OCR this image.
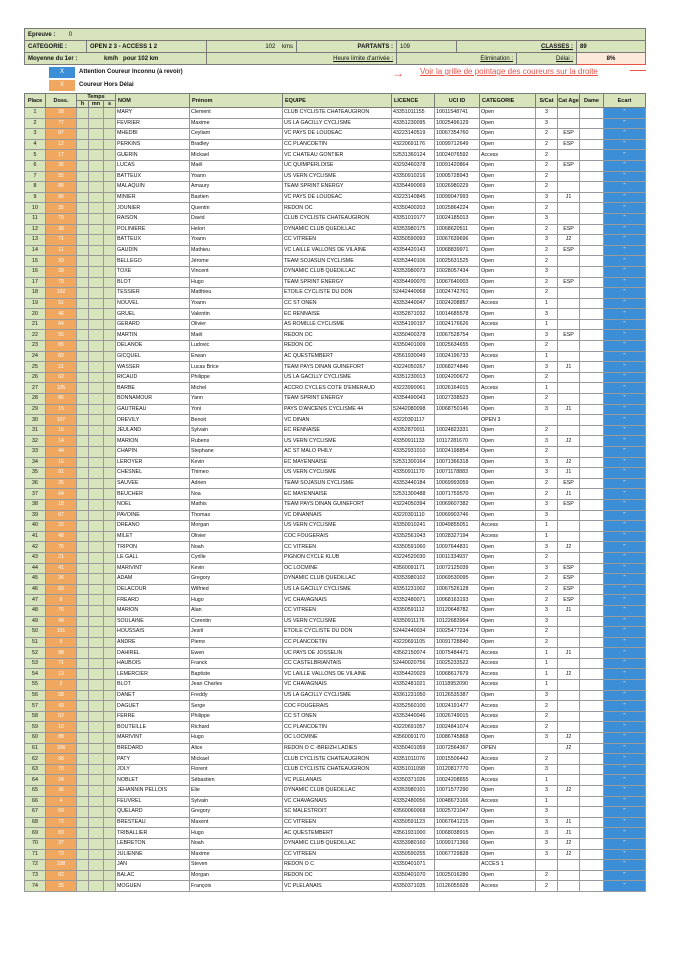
Epreuve : 0							
CATEGORIE :	OPEN 2 3 - ACCESS 1 2	102 kms	PARTANTS :	109	CLASSES :		89
Moyenne du 1er : km/h pour 102 km		Heure limite d'arrivée :		Elimination :		Délai :	8%
X	Attention Coureur Inconnu (à revoir)
X	Coureur Hors Délai
→ Voir la grille de pointage des coureurs sur la droite
Place	Doss.	Temps			NOM	Prénom	EQUIPE	LICENCE	UCI ID	CATEGORIE	S/Cat	Cat Age	Dame	Ecart
		h	mn	s										
1	58				MARY	Clement	CLUB CYCLISTE CHATEAUGIRON	43351011155	10011548741	Open	3			"
2	77				FEVRIER	Maxime	US LA GACILLY CYCLISME	43351230095	10025496129	Open	3			"
3	87				MHEDBI	Ceyliam	VC PAYS DE LOUDEAC	43223140519	10067354760	Open	2	ESP		"
4	12				PERKINS	Bradley	CC PLANCOETIN	43220691176	10099712649	Open	2	ESP		"
5	17				GUERIN	Mickael	VC CHATEAU GONTIER	52531360124	10024076592	Access	2			"
6	36				LUCAS	Maël	UC QUIMPERLOISE	43293460378	10091420864	Open	2	ESP		"
7	55				BATTEUX	Yoann	US VERN CYCLISME	43350910216	10005728943	Open	2			"
8	80				MALAQUIN	Amaury	TEAM SPRINT ENERGY	43354490069	10026980229	Open	2			"
9	86				MINIER	Bastien	VC PAYS DE LOUDEAC	43223140845	10099047993	Open	3	J1		"
10	35				JOUNIER	Quentin	REDON OC	43350400203	10025864224	Open	2			"
11	79				RAISON	David	CLUB CYCLISTE CHATEAUGIRON	43351010177	10024185013	Open	3			"
12	38				POLINIERE	Helori	DYNAMIC CLUB QUEDILLAC	43353980175	10068620511	Open	2	ESP		"
13	71				BATTEUX	Yoann	CC VITREEN	43350590093	10067639696	Open	3	J2		"
14	11				GAUDIN	Mathieu	VC LAILLE VALLONS DE VILAINE	43354420143	10068839971	Open	2	ESP		"
15	33				BELLEGO	Jérome	TEAM SOJASUN CYCLISME	43353440106	10025631525	Open	2			"
16	39				TOXE	Vincent	DYNAMIC CLUB QUEDILLAC	43353980073	10028057434	Open	3			"
17	79				BLOT	Hugo	TEAM SPRINT ENERGY	43354490070	10067640003	Open	2	ESP		"
18	102				TESSIER	Matthieu	ETOILE CYCLISTE DU DON	52442440068	10024742761	Open	2			"
19	51				NOUVEL	Yoann	CC ST ONEN	43353440047	10024208857	Access	1			"
20	46				GRUEL	Valentin	EC RENNAISE	43352871032	10014685578	Open	3			"
21	64				GERARD	Olivier	AS ROMILLE CYCLISME	43354190197	10024176626	Access	1			"
22	55				MARTIN	Maël	REDON OC	43350400378	10067528754	Open	3	ESP		"
23	65				DELANOE	Ludovic	REDON OC	43350401009	10025634655	Open	2			"
24	83				GICQUEL	Erwan	AC QUESTEMBERT	43561930049	10024196733	Access	1			"
25	21				WASSER	Lucas Brice	TEAM PAYS DINAN GUINEFORT	43224050267	10068274846	Open	3	J1		"
26	62				RICAUD	Philippe	US LA GACILLY CYCLISME	43351230013	10024200672	Open	2			"
27	105				BARBE	Michel	ACCRO CYCLES COTE D'EMERAUD	43223990061	10026164015	Access	1			"
28	80				BONNAMOUR	Yann	TEAM SPRINT ENERGY	43354490043	10027338523	Open	2			"
29	15				GAUTREAU	Yoni	PAYS D'ANCENIS CYCLISME 44	52442080098	10068750146	Open	3	J1		"
30	107				DREVILY	Benoit	VC DINAN	43220301117		OPEN 3				"
31	15				JEULAND	Sylvain	EC RENNAISE	43352870011	10024823331	Open	2			"
32	14				MARION	Rubens	US VERN CYCLISME	43350911133	10117281670	Open	3	J2		"
33	44				CHAPIN	Stephane	AC ST MALO PHILY	43352931010	10024198854	Open	2			"
34	16				LEROYER	Kevin	EC MAYENNAISE	52531300164	10071366318	Open	3	J2		"
35	91				CHESNEL	Thimeo	US VERN CYCLISME	43350911170	10071178883	Open	3	J1		"
36	25				SAUVEE	Adrien	TEAM SOJASUN CYCLISME	43353440184	10069993059	Open	2	ESP		"
37	64				BEUCHER	Noa	EC MAYENNAISE	52531300488	10071759570	Open	2	J1		"
38	18				NOEL	Mathis	TEAM PAYS DINAN GUINEFORT	43224050394	10069607382	Open	3	ESP		"
39	67				PAVOINE	Thomas	VC DINANNAIS	43220301110	10069903746	Open	3			"
40	22				DREANO	Morgan	US VERN CYCLISME	43350910241	10049855051	Access	1			"
41	48				MILET	Olivier	COC FOUGERAIS	43352561043	10028327194	Access	1			"
42	76				TRIPON	Noah	CC VITREEN	43350591060	10097644831	Open	3	J2		"
43	21				LE GALL	Cyrille	PIGNON CYCLE KLUB	43224520030	10011334937	Open	2			"
44	41				MARIVINT	Kevin	OC LOCMINE	43560091171	10072125039	Open	3	ESP		"
45	36				ADAM	Gregory	DYNAMIC CLUB QUEDILLAC	43353980102	10069530095	Open	2	ESP		"
46	83				DELACOUR	Wilfried	US LA GACILLY CYCLISME	43351231002	10067526128	Open	2	ESP		"
47	8				FREARD	Hugo	VC CHAVAGNAIS	43352480071	10068163193	Open	2	ESP		"
48	76				MARION	Alan	CC VITREEN	43350591112	10120648782	Open	3	J1		"
49	49				SOULAINE	Corentin	US VERN CYCLISME	43350911176	10122683964	Open	3			"
50	101				HOUSSAIS	Jesril	ETOILE CYCLISTE DU DON	52442440034	10025477234	Open	2			"
51	5				ANDRE	Pierre	CC PLANCOETIN	43220691105	10091728840	Open	2			"
52	88				DAHIREL	Ewen	UC PAYS DE JOSSELIN	43562150074	10075484471	Access	1	J1		"
53	71				HAUBOIS	Franck	CC CASTELBRIANTAIS	52440020756	10025233522	Access	1			"
54	13				LEMERCIER	Baptiste	VC LAILLE VALLONS DE VILAINE	43354420029	10068617679	Access	1	J2		"
55	2				BLOT	Jean Charles	VC CHAVAGNAIS	43352481021	10118952090	Access	1			"
56	58				DANET	Freddy	US LA GACILLY CYCLISME	43361231050	10126535387	Open	3			"
57	43				DAGUET	Serge	COC FOUGERAIS	43352560100	10024191477	Access	2			"
58	52				FERRE	Philippe	CC ST ONEN	43353440046	10026749015	Access	2			"
59	10				BOUTEILLE	Richard	CC PLANCOETIN	43220691057	10024841074	Access	2			"
60	88				MARIVINT	Hugo	OC LOCMINE	43560091170	10086745868	Open	3	J2		"
61	106				BREDARD	Alice	REDON O C -BREIZH LADIES	43350401059	10072564367	OPEN		J2		"
62	68				PATY	Mickael	CLUB CYCLISTE CHATEAUGIRON	43351011076	10015506442	Access	2			"
63	70				JOLY	Florent	CLUB CYCLISTE CHATEAUGIRON	43351011098	10120817770	Open	3			"
64	24				NOBLET	Sébastien	VC PLELANAIS	43350371026	10024208655	Access	1			"
65	36				JEHANNIN PELLOIS	Elie	DYNAMIC CLUB QUEDILLAC	43353980101	10071577290	Open	3	J2		"
66	4				FEUVREL	Sylvain	VC CHAVAGNAIS	43352480056	10048673166	Access	1			"
67	59				QUELARD	Gregory	SC MALESTROIT	43560060068	10025721047	Open	3			"
68	72				BRESTEAU	Maxent	CC VITREEN	43350591123	10067641215	Open	3	J1		"
69	83				TRIBALLIER	Hugo	AC QUESTEMBERT	43561931000	10068038915	Open	3	J1		"
70	37				LEBRETON	Noah	DYNAMIC CLUB QUEDILLAC	43353980160	10099171366	Open	3	J2		"
71	73				JULIENNE	Maxime	CC VITREEN	43350590255	10067729828	Open	3	J2		"
72	108				JAN	Steven	REDON O C	43350401071		ACCES 1				"
73	62				BALAC	Morgan	REDON OC	43350401070	10025016280	Open	2			"
74	26				MOGUEN	François	VC PLELANAIS	43350371035	10126055928	Access	2			"
